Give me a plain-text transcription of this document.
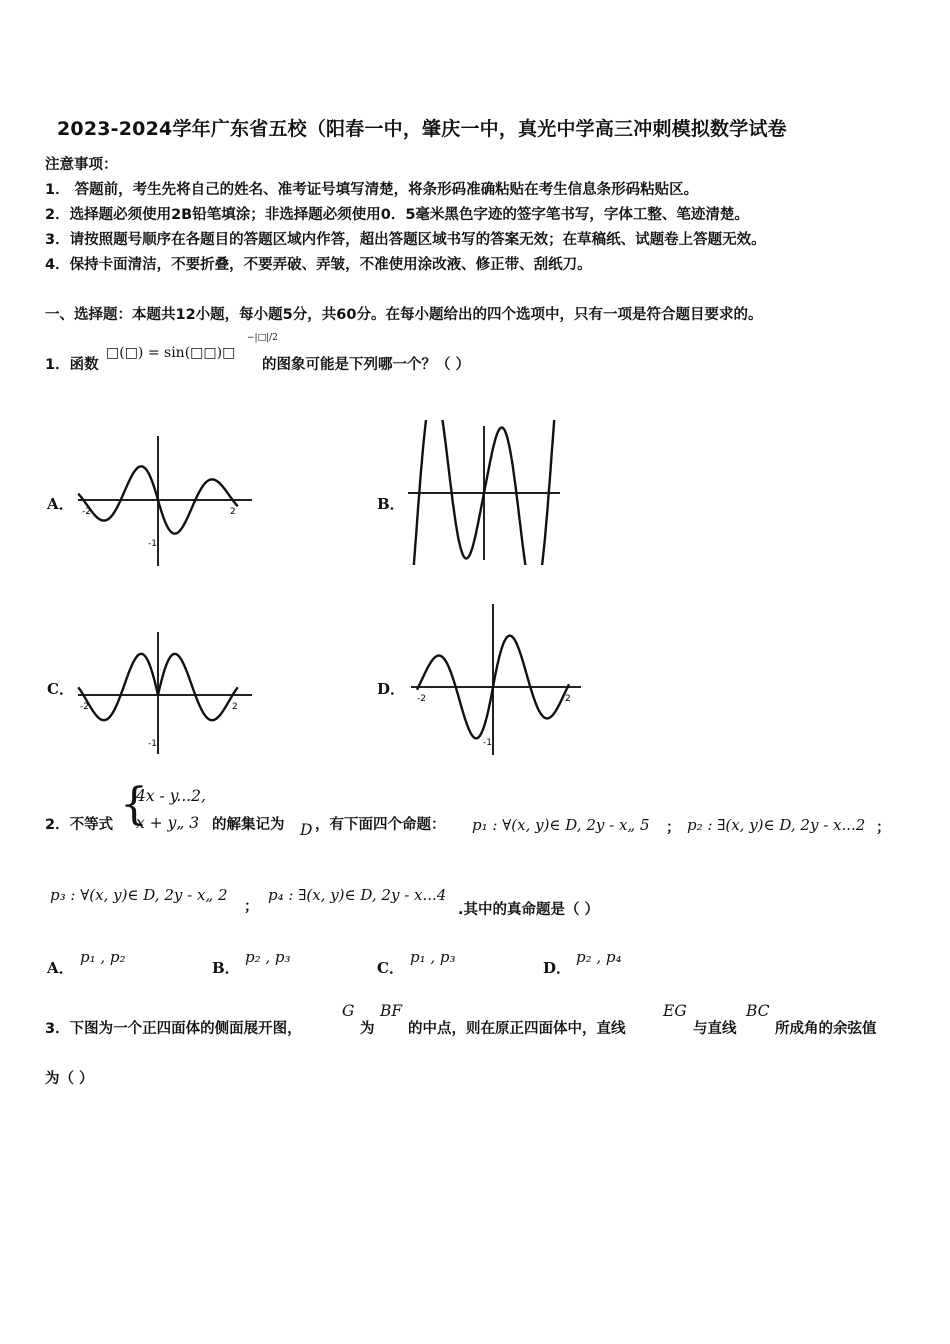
2023-2024学年广东省五校（阳春一中，肇庆一中，真光中学高三冲刺模拟数学试卷
注意事项：
1． 答题前，考生先将自己的姓名、准考证号填写清楚，将条形码准确粘贴在考生信息条形码粘贴区。
2．选择题必须使用2B铅笔填涂；非选择题必须使用0．5毫米黑色字迹的签字笔书写，字体工整、笔迹清楚。
3．请按照题号顺序在各题目的答题区域内作答，超出答题区域书写的答案无效；在草稿纸、试题卷上答题无效。
4．保持卡面清洁，不要折叠，不要弄破、弄皱，不准使用涂改液、修正带、刮纸刀。
一、选择题：本题共12小题，每小题5分，共60分。在每小题给出的四个选项中，只有一项是符合题目要求的。
1．函数
□(□) = sin(□□)□
−|□|/2
的图象可能是下列哪一个？（ ）
A．	2
-2
-1
B．
C．
2
-2
-1
D．
2
-2
-1
2．不等式 {
4x - y...2,
x + y„ 3 的解集记为 D ，有下面四个命题： p₁ : ∀(x, y)∈ D, 2y - x„ 5 ； p₂ : ∃(x, y)∈ D, 2y - x...2 ；
p₃ : ∀(x, y)∈ D, 2y - x„ 2
；
p₄ : ∃(x, y)∈ D, 2y - x...4
.其中的真命题是（ ）
A．
p₁ , p₂
B．
p₂ , p₃
C．
p₁ , p₃
D．
p₂ , p₄
3．下图为一个正四面体的侧面展开图，
G
为
BF
的中点，则在原正四面体中，直线
EG
与直线
BC
所成角的余弦值
为（ ）
